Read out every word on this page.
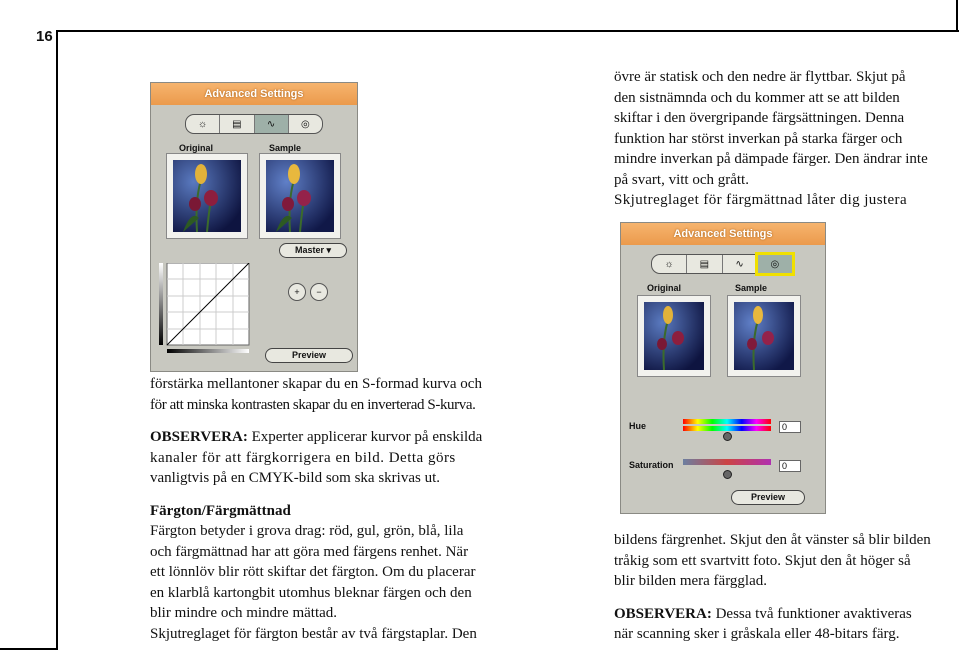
16
Advanced Settings
☼	▤	∿	◎
Original	Sample
Master ▾
+	−
Preview
Advanced Settings
☼	▤	∿	◎
Original	Sample
Hue	0
Saturation	0
Preview

övre är statisk och den nedre är flyttbar. Skjut på

den sistnämnda och du kommer att se att bilden

skiftar i den övergripande färgsättningen. Denna

funktion har störst inverkan på starka färger och

mindre inverkan på dämpade färger. Den ändrar inte

på svart, vitt och grått.

Skjutreglaget för färgmättnad låter dig justera

förstärka mellantoner skapar du en S-formad kurva och

för att minska kontrasten skapar du en inverterad S-kurva.

OBSERVERA: Experter applicerar kurvor på enskilda

kanaler för att färgkorrigera en bild. Detta görs

vanligtvis på en CMYK-bild som ska skrivas ut.

Färgton/Färgmättnad

Färgton betyder i grova drag: röd, gul, grön, blå, lila

och färgmättnad har att göra med färgens renhet. När

ett lönnlöv blir rött skiftar det färgton. Om du placerar

en klarblå kartongbit utomhus bleknar färgen och den

blir mindre och mindre mättad.

Skjutreglaget för färgton består av två färgstaplar. Den

bildens färgrenhet. Skjut den åt vänster så blir bilden

tråkig som ett svartvitt foto. Skjut den åt höger så

blir bilden mera färgglad.

OBSERVERA: Dessa två funktioner avaktiveras

när scanning sker i gråskala eller 48-bitars färg.
